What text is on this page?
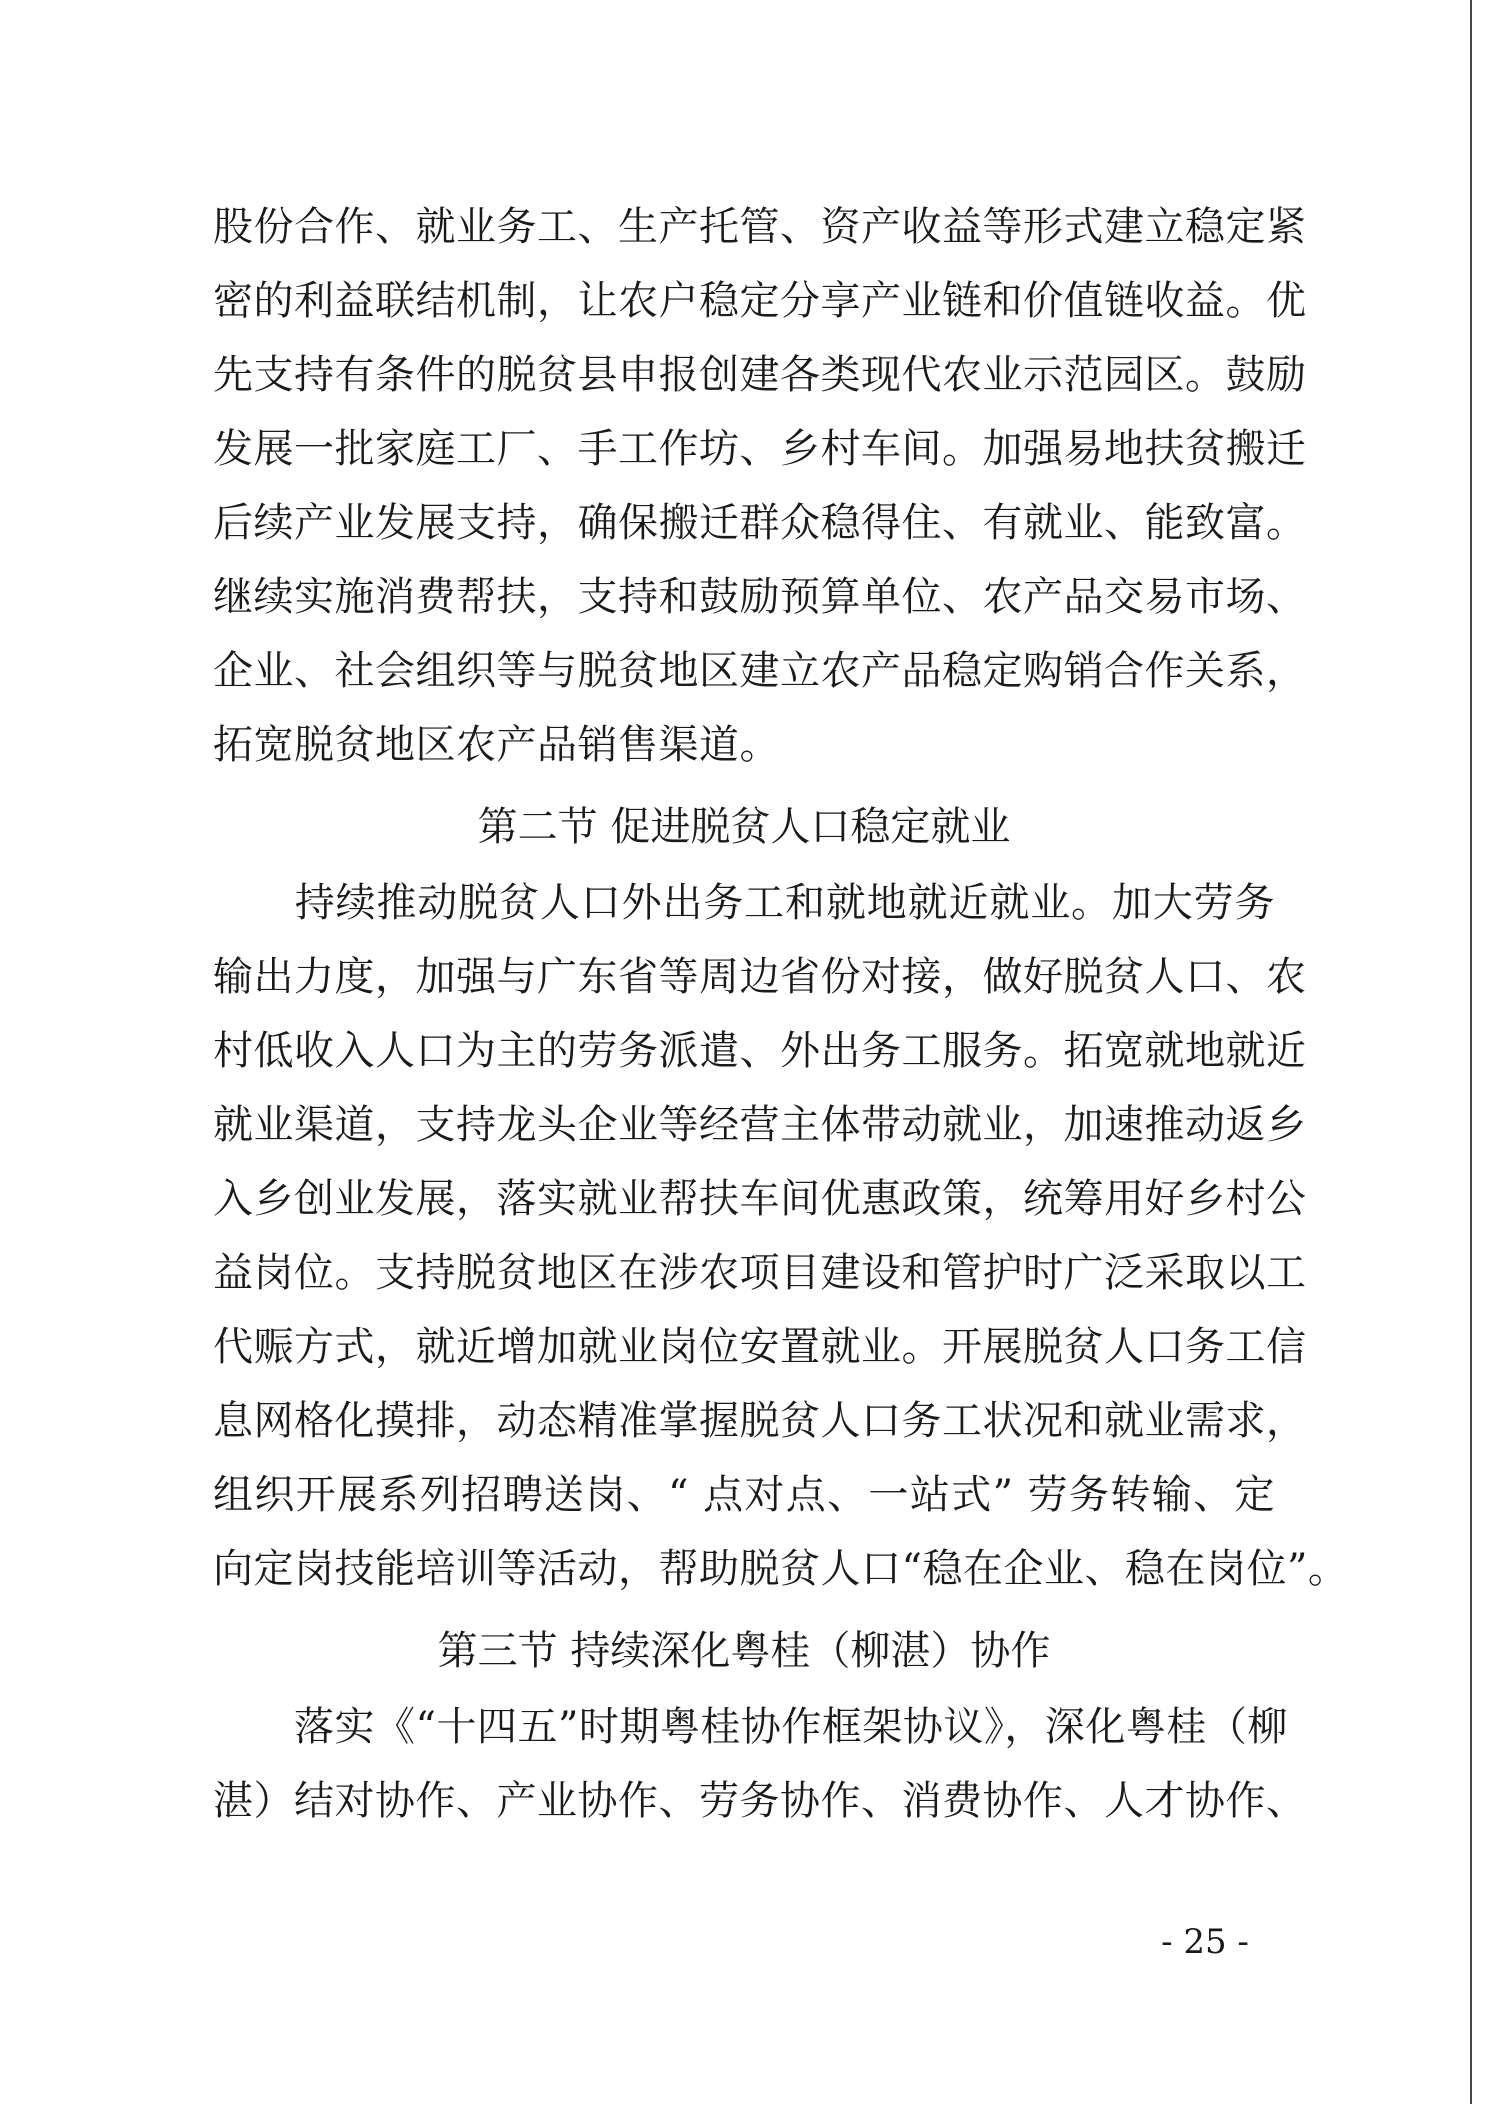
股份合作、就业务工、生产托管、资产收益等形式建立稳定紧
密的利益联结机制，让农户稳定分享产业链和价值链收益。优
先支持有条件的脱贫县申报创建各类现代农业示范园区。鼓励
发展一批家庭工厂、手工作坊、乡村车间。加强易地扶贫搬迁
后续产业发展支持，确保搬迁群众稳得住、有就业、能致富。
继续实施消费帮扶，支持和鼓励预算单位、农产品交易市场、
企业、社会组织等与脱贫地区建立农产品稳定购销合作关系，
拓宽脱贫地区农产品销售渠道。
第二节 促进脱贫人口稳定就业
　　持续推动脱贫人口外出务工和就地就近就业。加大劳务
输出力度，加强与广东省等周边省份对接，做好脱贫人口、农
村低收入人口为主的劳务派遣、外出务工服务。拓宽就地就近
就业渠道，支持龙头企业等经营主体带动就业，加速推动返乡
入乡创业发展，落实就业帮扶车间优惠政策，统筹用好乡村公
益岗位。支持脱贫地区在涉农项目建设和管护时广泛采取以工
代赈方式，就近增加就业岗位安置就业。开展脱贫人口务工信
息网格化摸排，动态精准掌握脱贫人口务工状况和就业需求，
组织开展系列招聘送岗、“ 点对点、一站式” 劳务转输、定
向定岗技能培训等活动，帮助脱贫人口“稳在企业、稳在岗位”。
第三节 持续深化粤桂（柳湛）协作
　　落实《“十四五”时期粤桂协作框架协议》，深化粤桂（柳
湛）结对协作、产业协作、劳务协作、消费协作、人才协作、
- 25 -
